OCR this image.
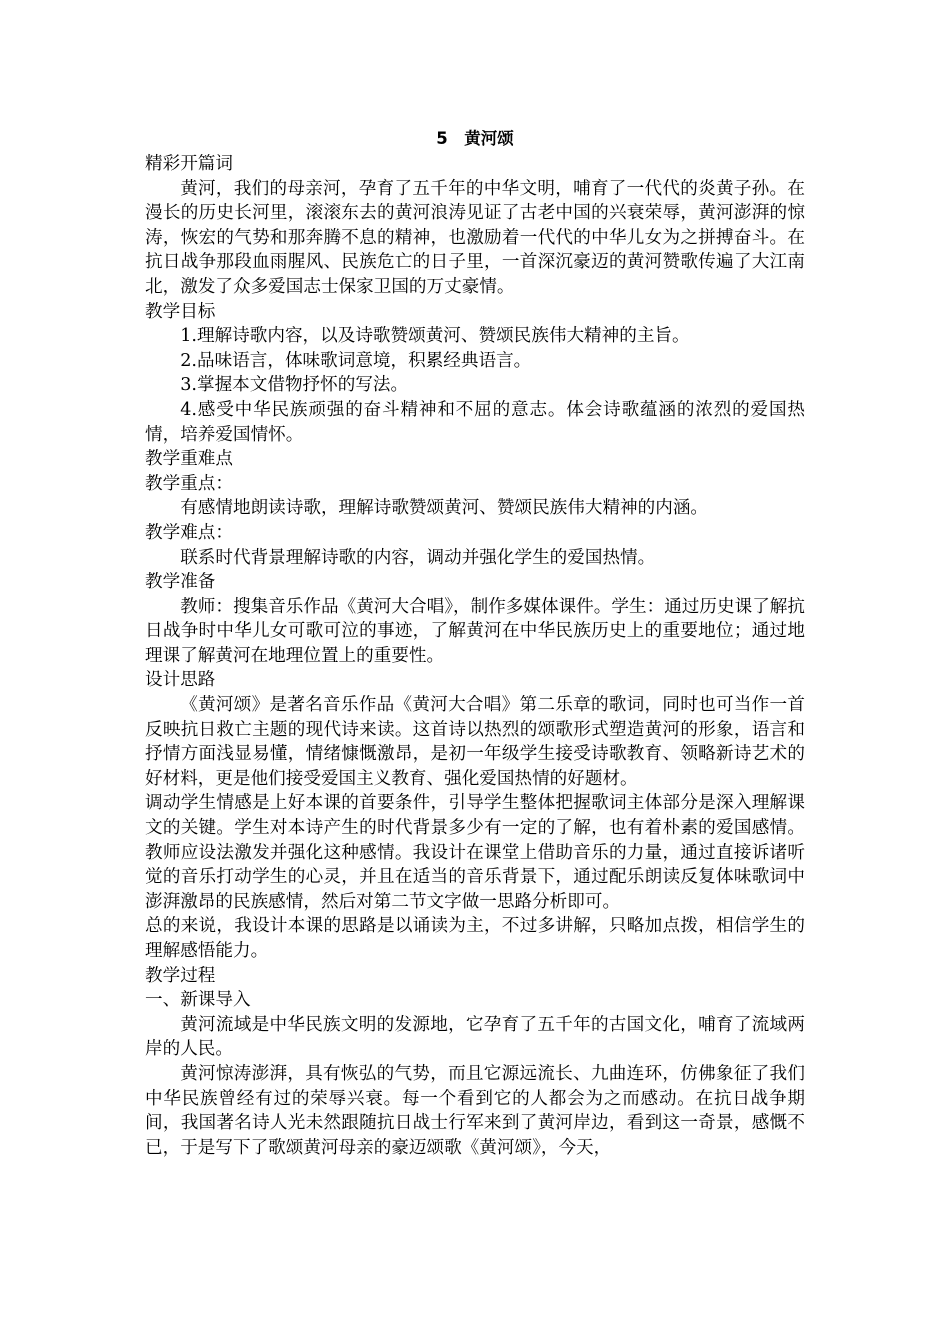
5　黄河颂
精彩开篇词

黄河，我们的母亲河，孕育了五千年的中华文明，哺育了一代代的炎黄子孙。在漫长的历史长河里，滚滚东去的黄河浪涛见证了古老中国的兴衰荣辱，黄河澎湃的惊涛，恢宏的气势和那奔腾不息的精神，也激励着一代代的中华儿女为之拼搏奋斗。在抗日战争那段血雨腥风、民族危亡的日子里，一首深沉豪迈的黄河赞歌传遍了大江南北，激发了众多爱国志士保家卫国的万丈豪情。

教学目标

1.理解诗歌内容，以及诗歌赞颂黄河、赞颂民族伟大精神的主旨。

2.品味语言，体味歌词意境，积累经典语言。

3.掌握本文借物抒怀的写法。

4.感受中华民族顽强的奋斗精神和不屈的意志。体会诗歌蕴涵的浓烈的爱国热情，培养爱国情怀。

教学重难点
教学重点：

有感情地朗读诗歌，理解诗歌赞颂黄河、赞颂民族伟大精神的内涵。

教学难点：

联系时代背景理解诗歌的内容，调动并强化学生的爱国热情。

教学准备

教师：搜集音乐作品《黄河大合唱》，制作多媒体课件。学生：通过历史课了解抗日战争时中华儿女可歌可泣的事迹，了解黄河在中华民族历史上的重要地位；通过地理课了解黄河在地理位置上的重要性。

设计思路

《黄河颂》是著名音乐作品《黄河大合唱》第二乐章的歌词，同时也可当作一首反映抗日救亡主题的现代诗来读。这首诗以热烈的颂歌形式塑造黄河的形象，语言和抒情方面浅显易懂，情绪慷慨激昂，是初一年级学生接受诗歌教育、领略新诗艺术的好材料，更是他们接受爱国主义教育、强化爱国热情的好题材。

调动学生情感是上好本课的首要条件，引导学生整体把握歌词主体部分是深入理解课文的关键。学生对本诗产生的时代背景多少有一定的了解，也有着朴素的爱国感情。教师应设法激发并强化这种感情。我设计在课堂上借助音乐的力量，通过直接诉诸听觉的音乐打动学生的心灵，并且在适当的音乐背景下，通过配乐朗读反复体味歌词中澎湃激昂的民族感情，然后对第二节文字做一思路分析即可。

总的来说，我设计本课的思路是以诵读为主，不过多讲解，只略加点拨，相信学生的理解感悟能力。

教学过程
一、新课导入

黄河流域是中华民族文明的发源地，它孕育了五千年的古国文化，哺育了流域两岸的人民。

黄河惊涛澎湃，具有恢弘的气势，而且它源远流长、九曲连环，仿佛象征了我们中华民族曾经有过的荣辱兴衰。每一个看到它的人都会为之而感动。在抗日战争期间，我国著名诗人光未然跟随抗日战士行军来到了黄河岸边，看到这一奇景，感慨不已，于是写下了歌颂黄河母亲的豪迈颂歌《黄河颂》，今天，
